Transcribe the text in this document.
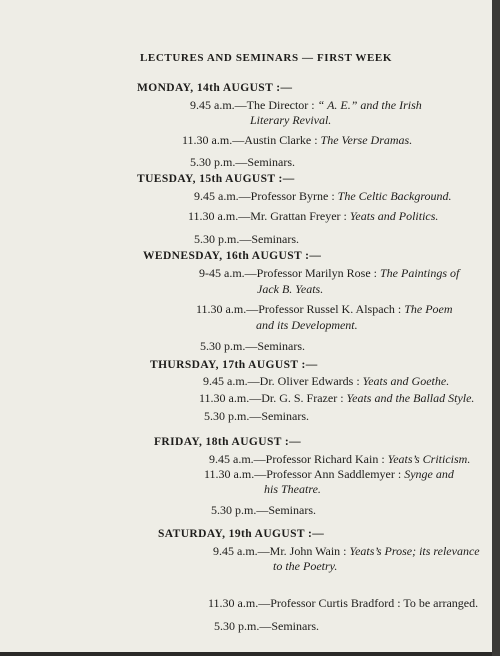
LECTURES AND SEMINARS — FIRST WEEK
MONDAY, 14th AUGUST :—
9.45 a.m.—The Director : “ A. E.” and the Irish
Literary Revival.
11.30 a.m.—Austin Clarke : The Verse Dramas.
5.30 p.m.—Seminars.
TUESDAY, 15th AUGUST :—
9.45 a.m.—Professor Byrne : The Celtic Background.
11.30 a.m.—Mr. Grattan Freyer : Yeats and Politics.
5.30 p.m.—Seminars.
WEDNESDAY, 16th AUGUST :—
9-45 a.m.—Professor Marilyn Rose : The Paintings of
Jack B. Yeats.
11.30 a.m.—Professor Russel K. Alspach : The Poem
and its Development.
5.30 p.m.—Seminars.
THURSDAY, 17th AUGUST :—
9.45 a.m.—Dr. Oliver Edwards : Yeats and Goethe.
11.30 a.m.—Dr. G. S. Frazer : Yeats and the Ballad Style.
5.30 p.m.—Seminars.
FRIDAY, 18th AUGUST :—
9.45 a.m.—Professor Richard Kain : Yeats’s Criticism.
11.30 a.m.—Professor Ann Saddlemyer : Synge and
his Theatre.
5.30 p.m.—Seminars.
SATURDAY, 19th AUGUST :—
9.45 a.m.—Mr. John Wain : Yeats’s Prose; its relevance
to the Poetry.
11.30 a.m.—Professor Curtis Bradford : To be arranged.
5.30 p.m.—Seminars.
